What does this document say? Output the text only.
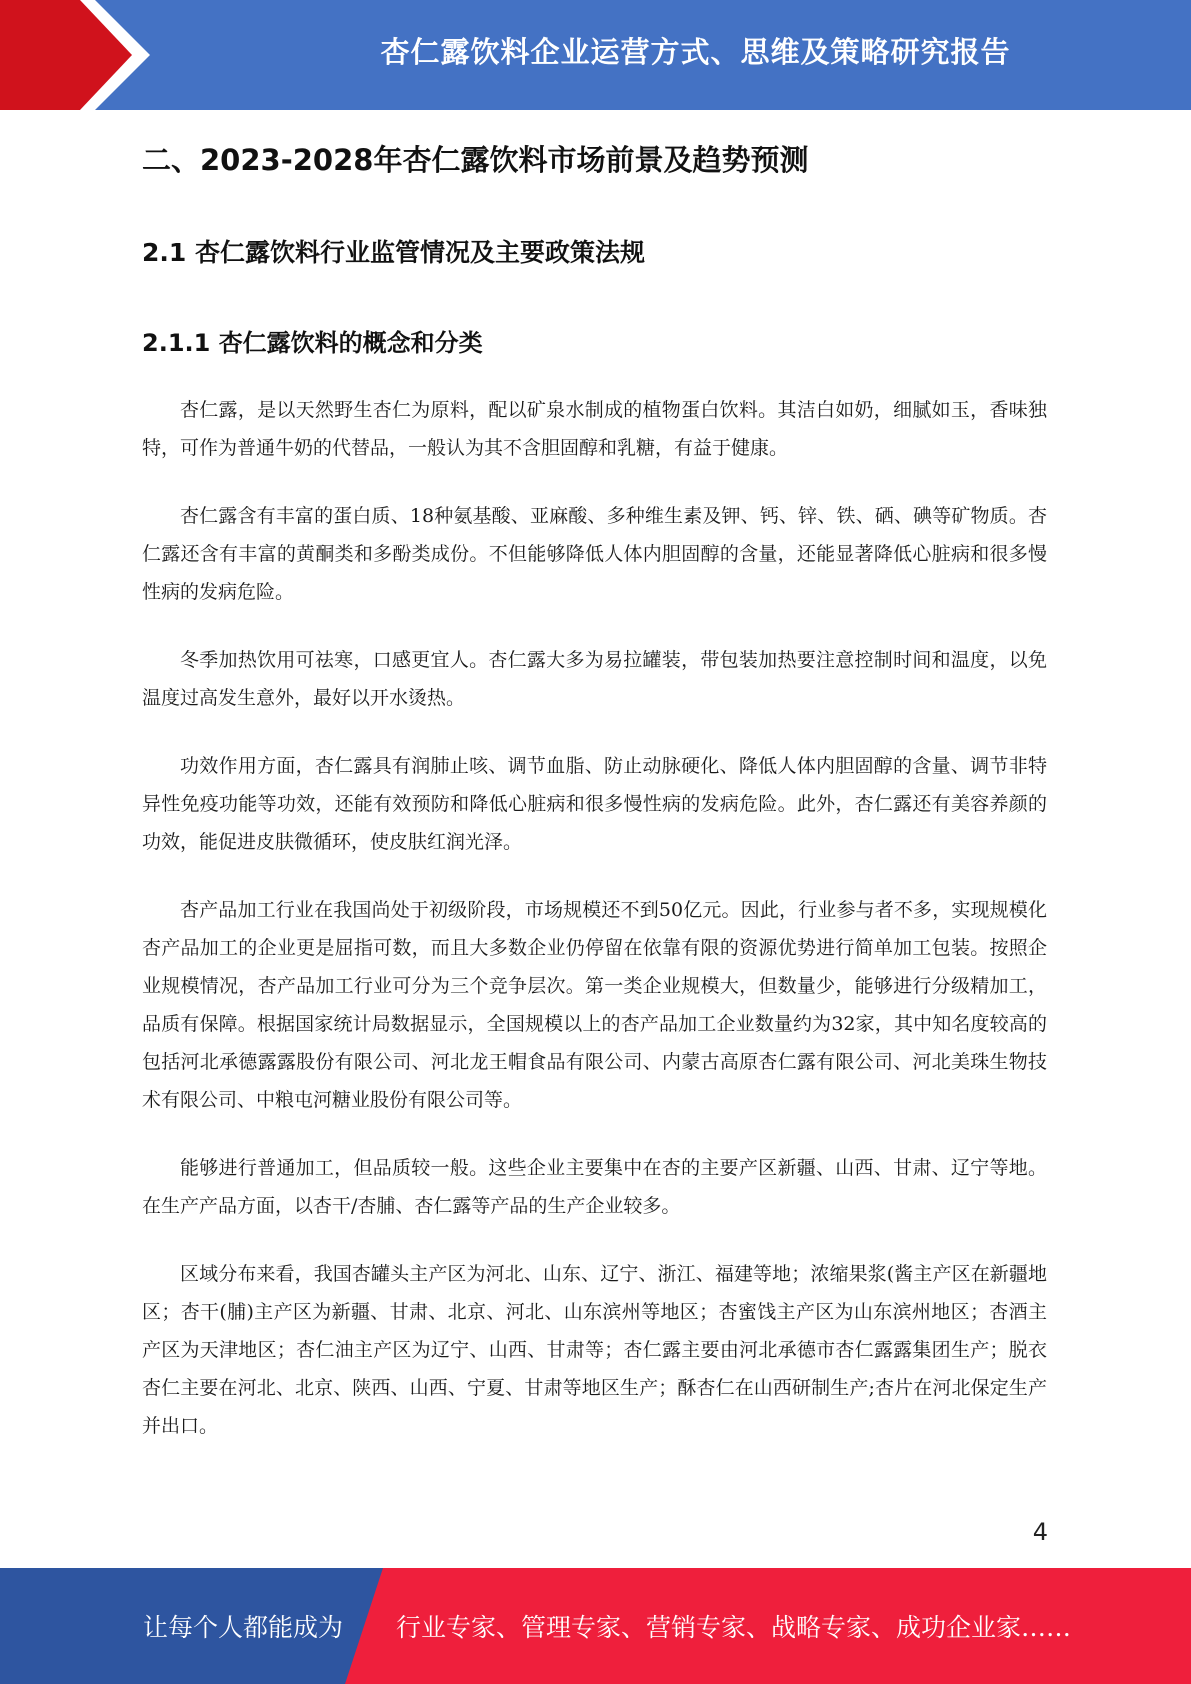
杏仁露饮料企业运营方式、思维及策略研究报告
二、2023-2028年杏仁露饮料市场前景及趋势预测
2.1 杏仁露饮料行业监管情况及主要政策法规
2.1.1 杏仁露饮料的概念和分类

杏仁露，是以天然野生杏仁为原料，配以矿泉水制成的植物蛋白饮料。其洁白如奶，细腻如玉，香味独特，可作为普通牛奶的代替品，一般认为其不含胆固醇和乳糖，有益于健康。

杏仁露含有丰富的蛋白质、18种氨基酸、亚麻酸、多种维生素及钾、钙、锌、铁、硒、碘等矿物质。杏仁露还含有丰富的黄酮类和多酚类成份。不但能够降低人体内胆固醇的含量，还能显著降低心脏病和很多慢性病的发病危险。

冬季加热饮用可祛寒，口感更宜人。杏仁露大多为易拉罐装，带包装加热要注意控制时间和温度，以免温度过高发生意外，最好以开水烫热。

功效作用方面，杏仁露具有润肺止咳、调节血脂、防止动脉硬化、降低人体内胆固醇的含量、调节非特异性免疫功能等功效，还能有效预防和降低心脏病和很多慢性病的发病危险。此外，杏仁露还有美容养颜的功效，能促进皮肤微循环，使皮肤红润光泽。

杏产品加工行业在我国尚处于初级阶段，市场规模还不到50亿元。因此，行业参与者不多，实现规模化杏产品加工的企业更是屈指可数，而且大多数企业仍停留在依靠有限的资源优势进行简单加工包装。按照企业规模情况，杏产品加工行业可分为三个竞争层次。第一类企业规模大，但数量少，能够进行分级精加工，品质有保障。根据国家统计局数据显示，全国规模以上的杏产品加工企业数量约为32家，其中知名度较高的包括河北承德露露股份有限公司、河北龙王帽食品有限公司、内蒙古高原杏仁露有限公司、河北美珠生物技术有限公司、中粮屯河糖业股份有限公司等。

能够进行普通加工，但品质较一般。这些企业主要集中在杏的主要产区新疆、山西、甘肃、辽宁等地。在生产产品方面，以杏干/杏脯、杏仁露等产品的生产企业较多。

区域分布来看，我国杏罐头主产区为河北、山东、辽宁、浙江、福建等地；浓缩果浆(酱主产区在新疆地区；杏干(脯)主产区为新疆、甘肃、北京、河北、山东滨州等地区；杏蜜饯主产区为山东滨州地区；杏酒主产区为天津地区；杏仁油主产区为辽宁、山西、甘肃等；杏仁露主要由河北承德市杏仁露露集团生产；脱衣杏仁主要在河北、北京、陕西、山西、宁夏、甘肃等地区生产；酥杏仁在山西研制生产;杏片在河北保定生产并出口。

4
让每个人都能成为 行业专家、管理专家、营销专家、战略专家、成功企业家……
